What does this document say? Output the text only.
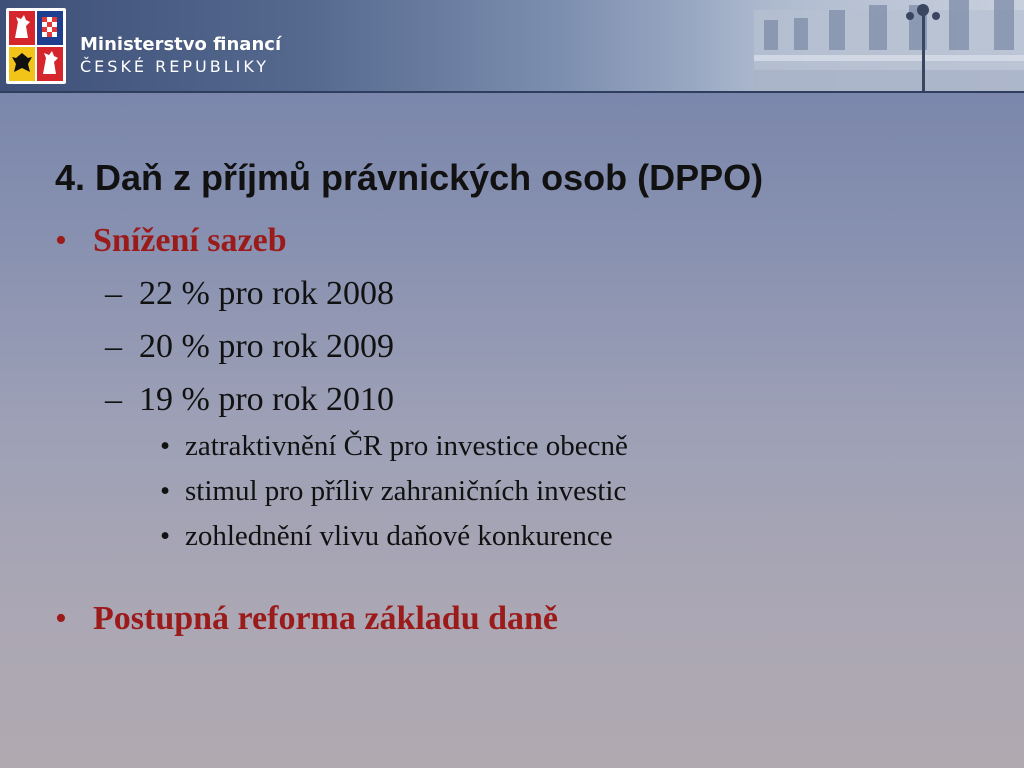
Ministerstvo financí
ČESKÉ REPUBLIKY
4. Daň z příjmů právnických osob (DPPO)
• Snížení sazeb
– 22 % pro rok 2008
– 20 % pro rok 2009
– 19 % pro rok 2010
• zatraktivnění ČR pro investice obecně
• stimul pro příliv zahraničních investic
• zohlednění vlivu daňové konkurence
• Postupná reforma základu daně
